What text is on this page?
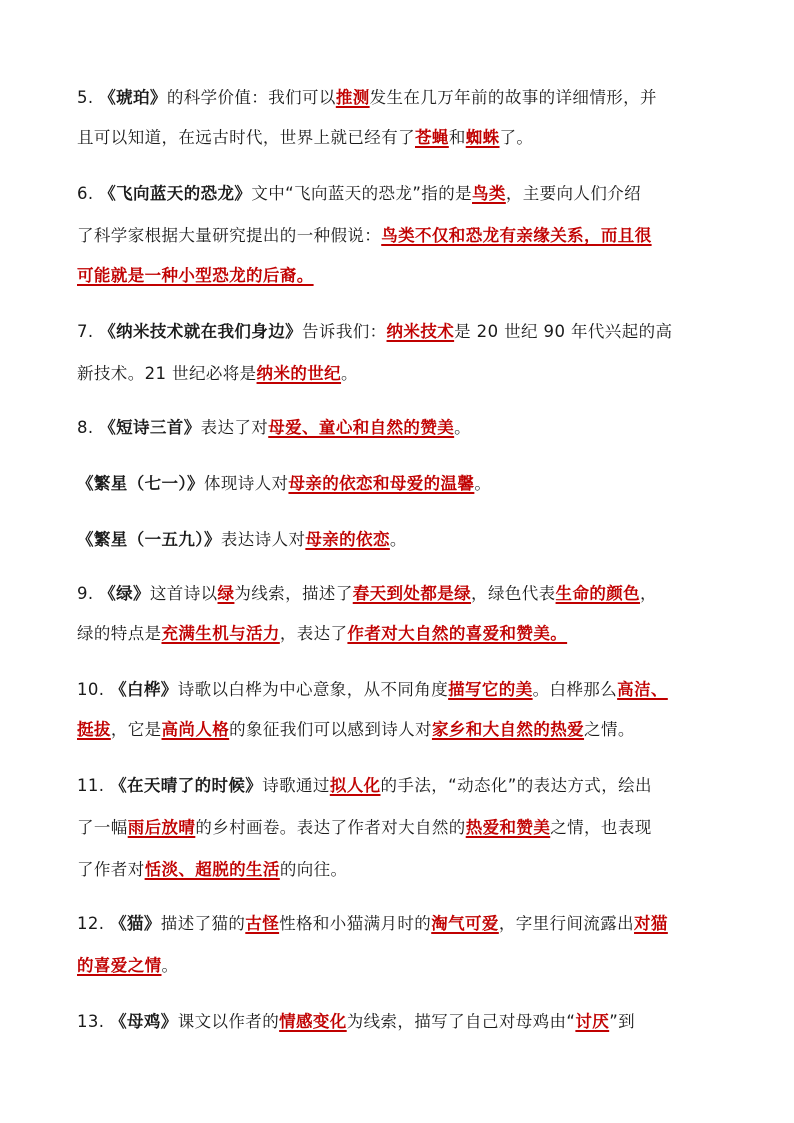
5. 《琥珀》的科学价值：我们可以推测发生在几万年前的故事的详细情形，并
且可以知道，在远古时代，世界上就已经有了苍蝇和蜘蛛了。
6. 《飞向蓝天的恐龙》文中“飞向蓝天的恐龙”指的是鸟类，主要向人们介绍
了科学家根据大量研究提出的一种假说：鸟类不仅和恐龙有亲缘关系，而且很
可能就是一种小型恐龙的后裔。
7. 《纳米技术就在我们身边》告诉我们：纳米技术是 20 世纪 90 年代兴起的高
新技术。21 世纪必将是纳米的世纪。
8. 《短诗三首》表达了对母爱、童心和自然的赞美。
《繁星（七一）》体现诗人对母亲的依恋和母爱的温馨。
《繁星（一五九）》表达诗人对母亲的依恋。
9. 《绿》这首诗以绿为线索，描述了春天到处都是绿，绿色代表生命的颜色，
绿的特点是充满生机与活力，表达了作者对大自然的喜爱和赞美。
10. 《白桦》诗歌以白桦为中心意象，从不同角度描写它的美。白桦那么高洁、
挺拔，它是高尚人格的象征我们可以感到诗人对家乡和大自然的热爱之情。
11. 《在天晴了的时候》诗歌通过拟人化的手法，“动态化”的表达方式，绘出
了一幅雨后放晴的乡村画卷。表达了作者对大自然的热爱和赞美之情，也表现
了作者对恬淡、超脱的生活的向往。
12. 《猫》描述了猫的古怪性格和小猫满月时的淘气可爱，字里行间流露出对猫
的喜爱之情。
13. 《母鸡》课文以作者的情感变化为线索，描写了自己对母鸡由“讨厌”到
